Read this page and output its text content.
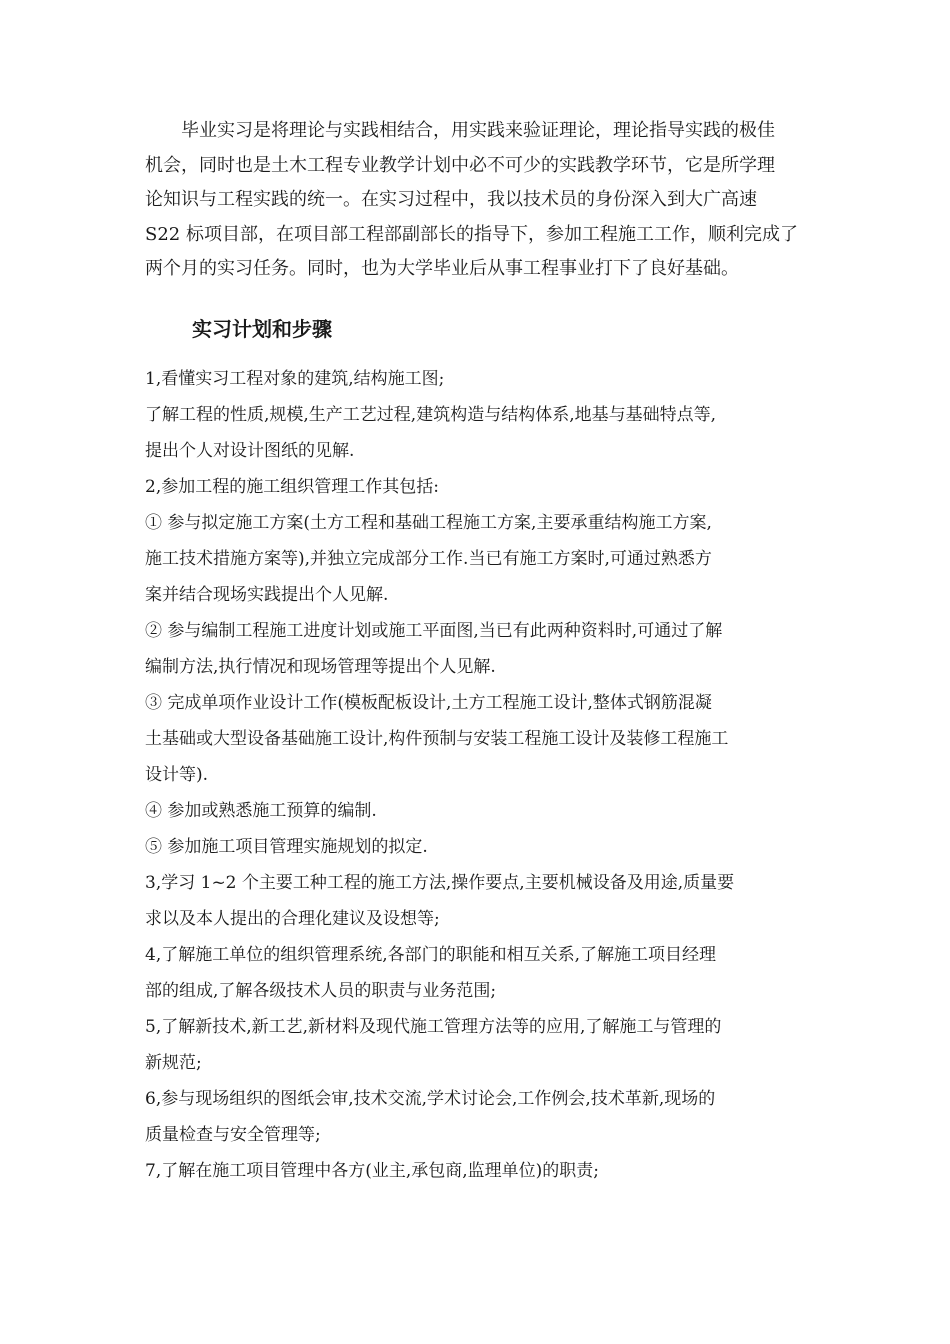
毕业实习是将理论与实践相结合，用实践来验证理论，理论指导实践的极佳
机会，同时也是土木工程专业教学计划中必不可少的实践教学环节，它是所学理
论知识与工程实践的统一。在实习过程中，我以技术员的身份深入到大广高速
S22 标项目部，在项目部工程部副部长的指导下，参加工程施工工作，顺利完成了
两个月的实习任务。同时，也为大学毕业后从事工程事业打下了良好基础。
实习计划和步骤
1,看懂实习工程对象的建筑,结构施工图;
了解工程的性质,规模,生产工艺过程,建筑构造与结构体系,地基与基础特点等,
提出个人对设计图纸的见解.
2,参加工程的施工组织管理工作其包括:
① 参与拟定施工方案(土方工程和基础工程施工方案,主要承重结构施工方案,
施工技术措施方案等),并独立完成部分工作.当已有施工方案时,可通过熟悉方
案并结合现场实践提出个人见解.
② 参与编制工程施工进度计划或施工平面图,当已有此两种资料时,可通过了解
编制方法,执行情况和现场管理等提出个人见解.
③ 完成单项作业设计工作(模板配板设计,土方工程施工设计,整体式钢筋混凝
土基础或大型设备基础施工设计,构件预制与安装工程施工设计及装修工程施工
设计等).
④ 参加或熟悉施工预算的编制.
⑤ 参加施工项目管理实施规划的拟定.
3,学习 1~2 个主要工种工程的施工方法,操作要点,主要机械设备及用途,质量要
求以及本人提出的合理化建议及设想等;
4,了解施工单位的组织管理系统,各部门的职能和相互关系,了解施工项目经理
部的组成,了解各级技术人员的职责与业务范围;
5,了解新技术,新工艺,新材料及现代施工管理方法等的应用,了解施工与管理的
新规范;
6,参与现场组织的图纸会审,技术交流,学术讨论会,工作例会,技术革新,现场的
质量检查与安全管理等;
7,了解在施工项目管理中各方(业主,承包商,监理单位)的职责;
